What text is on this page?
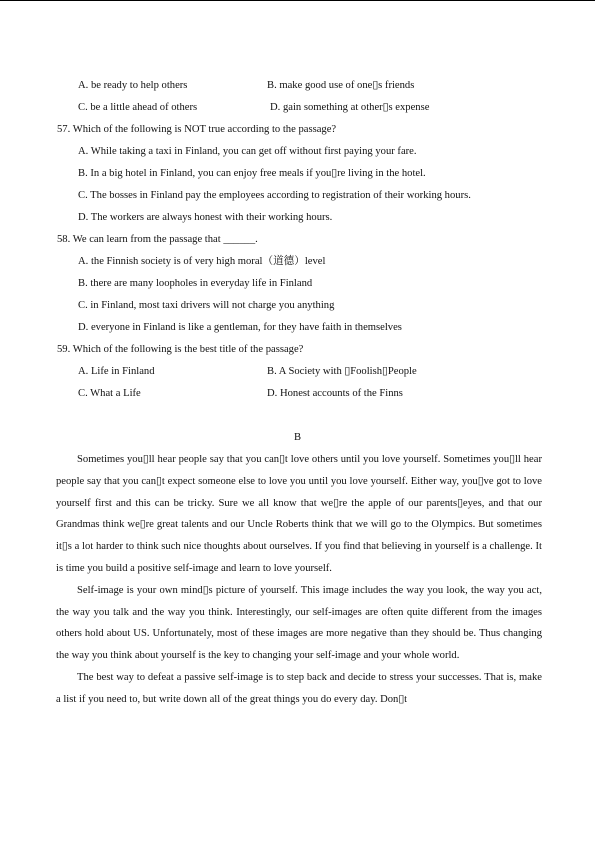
A. be ready to help others	B. make good use of one▯s friends
C. be a little ahead of others	D. gain something at other▯s expense
57. Which of the following is NOT true according to the passage?
A. While taking a taxi in Finland, you can get off without first paying your fare.
B. In a big hotel in Finland, you can enjoy free meals if you▯re living in the hotel.
C. The bosses in Finland pay the employees according to registration of their working hours.
D. The workers are always honest with their working hours.
58. We can learn from the passage that ______.
A. the Finnish society is of very high moral（道德）level
B. there are many loopholes in everyday life in Finland
C. in Finland, most taxi drivers will not charge you anything
D. everyone in Finland is like a gentleman, for they have faith in themselves
59. Which of the following is the best title of the passage?
A. Life in Finland	B. A Society with ▯Foolish▯People
C. What a Life	D. Honest accounts of the Finns
B

Sometimes you▯ll hear people say that you can▯t love others until you love yourself. Sometimes you▯ll hear people say that you can▯t expect someone else to love you until you love yourself. Either way, you▯ve got to love yourself first and this can be tricky. Sure we all know that we▯re the apple of our parents▯eyes, and that our Grandmas think we▯re great talents and our Uncle Roberts think that we will go to the Olympics. But sometimes it▯s a lot harder to think such nice thoughts about ourselves. If you find that believing in yourself is a challenge. It is time you build a positive self-image and learn to love yourself.

Self-image is your own mind▯s picture of yourself. This image includes the way you look, the way you act, the way you talk and the way you think. Interestingly, our self-images are often quite different from the images others hold about US. Unfortunately, most of these images are more negative than they should be. Thus changing the way you think about yourself is the key to changing your self-image and your whole world.

The best way to defeat a passive self-image is to step back and decide to stress your successes. That is, make a list if you need to, but write down all of the great things you do every day. Don▯t
